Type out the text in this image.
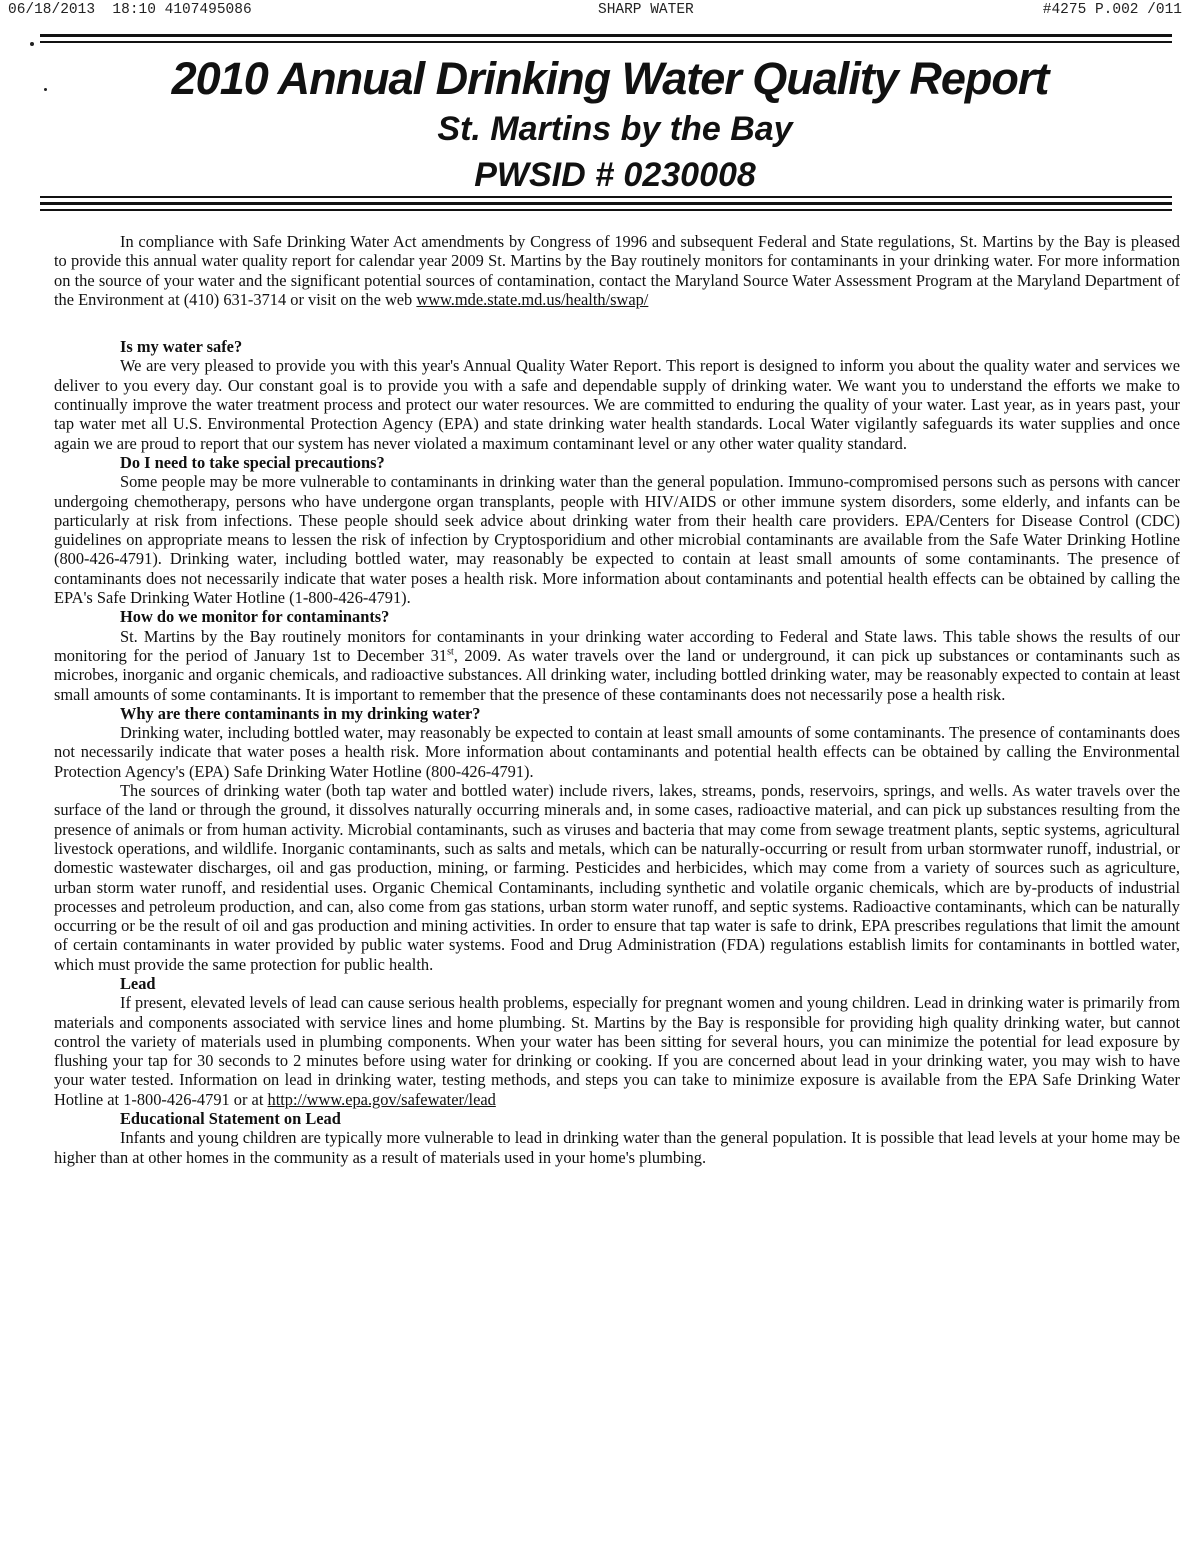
06/18/2013  18:10 4107495086

	SHARP WATER

	#4275 P.002 /011

2010 Annual Drinking Water Quality Report
St. Martins by the Bay
PWSID # 0230008

In compliance with Safe Drinking Water Act amendments by Congress of 1996 and subsequent Federal and State regulations, St. Martins by the Bay is pleased to provide this annual water quality report for calendar year 2009 St. Martins by the Bay routinely monitors for contaminants in your drinking water. For more information on the source of your water and the significant potential sources of contamination, contact the Maryland Source Water Assessment Program at the Maryland Department of the Environment at (410) 631-3714 or visit on the web www.mde.state.md.us/health/swap/

Is my water safe?

We are very pleased to provide you with this year's Annual Quality Water Report. This report is designed to inform you about the quality water and services we deliver to you every day. Our constant goal is to provide you with a safe and dependable supply of drinking water. We want you to understand the efforts we make to continually improve the water treatment process and protect our water resources. We are committed to enduring the quality of your water. Last year, as in years past, your tap water met all U.S. Environmental Protection Agency (EPA) and state drinking water health standards. Local Water vigilantly safeguards its water supplies and once again we are proud to report that our system has never violated a maximum contaminant level or any other water quality standard.

Do I need to take special precautions?

Some people may be more vulnerable to contaminants in drinking water than the general population. Immuno-compromised persons such as persons with cancer undergoing chemotherapy, persons who have undergone organ transplants, people with HIV/AIDS or other immune system disorders, some elderly, and infants can be particularly at risk from infections. These people should seek advice about drinking water from their health care providers. EPA/Centers for Disease Control (CDC) guidelines on appropriate means to lessen the risk of infection by Cryptosporidium and other microbial contaminants are available from the Safe Water Drinking Hotline (800-426-4791). Drinking water, including bottled water, may reasonably be expected to contain at least small amounts of some contaminants. The presence of contaminants does not necessarily indicate that water poses a health risk. More information about contaminants and potential health effects can be obtained by calling the EPA's Safe Drinking Water Hotline (1-800-426-4791).

How do we monitor for contaminants?

St. Martins by the Bay routinely monitors for contaminants in your drinking water according to Federal and State laws. This table shows the results of our monitoring for the period of January 1st to December 31st, 2009. As water travels over the land or underground, it can pick up substances or contaminants such as microbes, inorganic and organic chemicals, and radioactive substances. All drinking water, including bottled drinking water, may be reasonably expected to contain at least small amounts of some contaminants. It is important to remember that the presence of these contaminants does not necessarily pose a health risk.

Why are there contaminants in my drinking water?

Drinking water, including bottled water, may reasonably be expected to contain at least small amounts of some contaminants. The presence of contaminants does not necessarily indicate that water poses a health risk. More information about contaminants and potential health effects can be obtained by calling the Environmental Protection Agency's (EPA) Safe Drinking Water Hotline (800-426-4791).

The sources of drinking water (both tap water and bottled water) include rivers, lakes, streams, ponds, reservoirs, springs, and wells. As water travels over the surface of the land or through the ground, it dissolves naturally occurring minerals and, in some cases, radioactive material, and can pick up substances resulting from the presence of animals or from human activity. Microbial contaminants, such as viruses and bacteria that may come from sewage treatment plants, septic systems, agricultural livestock operations, and wildlife. Inorganic contaminants, such as salts and metals, which can be naturally-occurring or result from urban stormwater runoff, industrial, or domestic wastewater discharges, oil and gas production, mining, or farming. Pesticides and herbicides, which may come from a variety of sources such as agriculture, urban storm water runoff, and residential uses. Organic Chemical Contaminants, including synthetic and volatile organic chemicals, which are by-products of industrial processes and petroleum production, and can, also come from gas stations, urban storm water runoff, and septic systems. Radioactive contaminants, which can be naturally occurring or be the result of oil and gas production and mining activities. In order to ensure that tap water is safe to drink, EPA prescribes regulations that limit the amount of certain contaminants in water provided by public water systems. Food and Drug Administration (FDA) regulations establish limits for contaminants in bottled water, which must provide the same protection for public health.

Lead

If present, elevated levels of lead can cause serious health problems, especially for pregnant women and young children. Lead in drinking water is primarily from materials and components associated with service lines and home plumbing. St. Martins by the Bay is responsible for providing high quality drinking water, but cannot control the variety of materials used in plumbing components. When your water has been sitting for several hours, you can minimize the potential for lead exposure by flushing your tap for 30 seconds to 2 minutes before using water for drinking or cooking. If you are concerned about lead in your drinking water, you may wish to have your water tested. Information on lead in drinking water, testing methods, and steps you can take to minimize exposure is available from the EPA Safe Drinking Water Hotline at 1-800-426-4791 or at http://www.epa.gov/safewater/lead

Educational Statement on Lead

Infants and young children are typically more vulnerable to lead in drinking water than the general population. It is possible that lead levels at your home may be higher than at other homes in the community as a result of materials used in your home's plumbing.
